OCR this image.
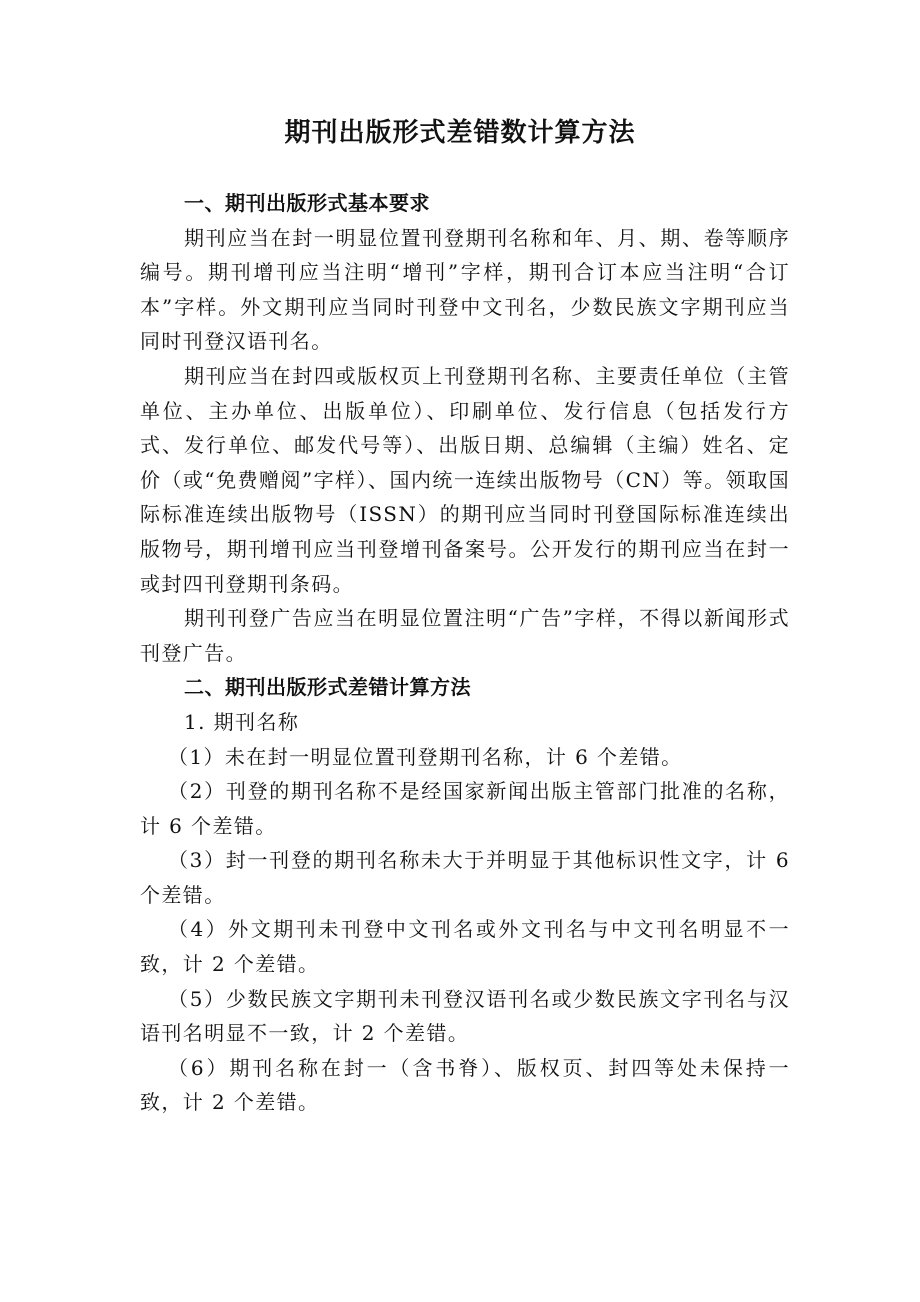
期刊出版形式差错数计算方法

一、期刊出版形式基本要求

期刊应当在封一明显位置刊登期刊名称和年、月、期、卷等顺序编号。期刊增刊应当注明“增刊”字样，期刊合订本应当注明“合订本”字样。外文期刊应当同时刊登中文刊名，少数民族文字期刊应当同时刊登汉语刊名。

期刊应当在封四或版权页上刊登期刊名称、主要责任单位（主管单位、主办单位、出版单位）、印刷单位、发行信息（包括发行方式、发行单位、邮发代号等）、出版日期、总编辑（主编）姓名、定价（或“免费赠阅”字样）、国内统一连续出版物号（CN）等。领取国际标准连续出版物号（ISSN）的期刊应当同时刊登国际标准连续出版物号，期刊增刊应当刊登增刊备案号。公开发行的期刊应当在封一或封四刊登期刊条码。

期刊刊登广告应当在明显位置注明“广告”字样，不得以新闻形式刊登广告。

二、期刊出版形式差错计算方法

1. 期刊名称

（1）未在封一明显位置刊登期刊名称，计 6 个差错。

（2）刊登的期刊名称不是经国家新闻出版主管部门批准的名称，计 6 个差错。

（3）封一刊登的期刊名称未大于并明显于其他标识性文字，计 6 个差错。

（4）外文期刊未刊登中文刊名或外文刊名与中文刊名明显不一致，计 2 个差错。

（5）少数民族文字期刊未刊登汉语刊名或少数民族文字刊名与汉语刊名明显不一致，计 2 个差错。

（6）期刊名称在封一（含书脊）、版权页、封四等处未保持一致，计 2 个差错。
